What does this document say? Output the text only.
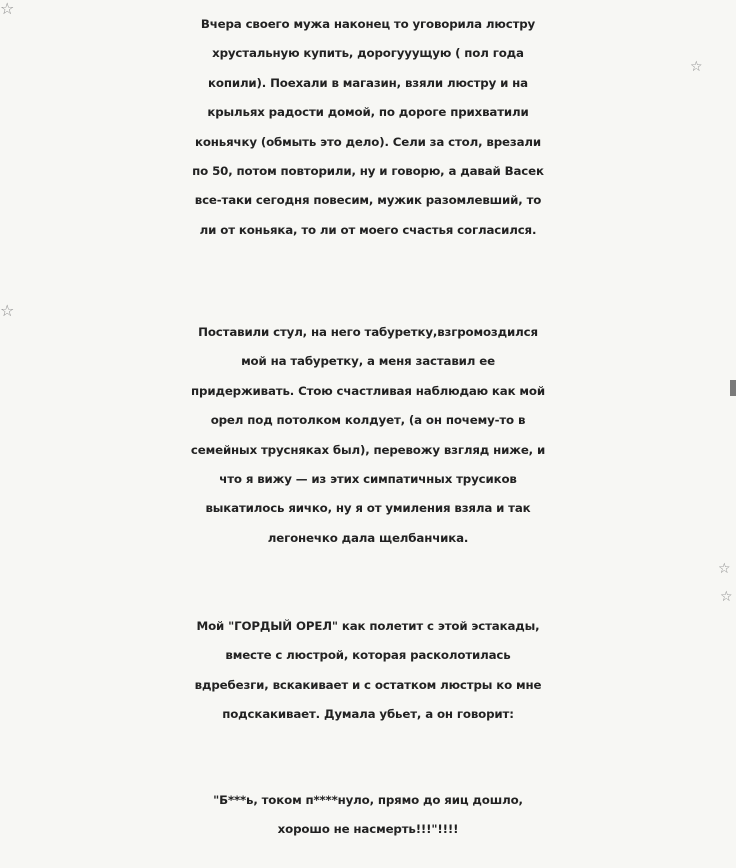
☆
☆
☆
☆
☆
Вчера своего мужа наконец то уговорила люстру
хрустальную купить, дорогууущую ( пол года
копили). Поехали в магазин, взяли люстру и на
крыльях радости домой, по дороге прихватили
коньячку (обмыть это дело). Сели за стол, врезали
по 50, потом повторили, ну и говорю, а давай Васек
все-таки сегодня повесим, мужик разомлевший, то
ли от коньяка, то ли от моего счастья согласился.
Поставили стул, на него табуретку,взгромоздился
мой на табуретку, а меня заставил ее
придерживать. Стою счастливая наблюдаю как мой
орел под потолком колдует, (а он почему-то в
семейных трусняках был), перевожу взгляд ниже, и
что я вижу — из этих симпатичных трусиков
выкатилось яичко, ну я от умиления взяла и так
легонечко дала щелбанчика.
Мой "ГОРДЫЙ ОРЕЛ" как полетит с этой эстакады,
вместе с люстрой, которая расколотилась
вдребезги, вскакивает и с остатком люстры ко мне
подскакивает. Думала убьет, а он говорит:
"Б***ь, током п****нуло, прямо до яиц дошло,
хорошо не насмерть!!!"!!!!
